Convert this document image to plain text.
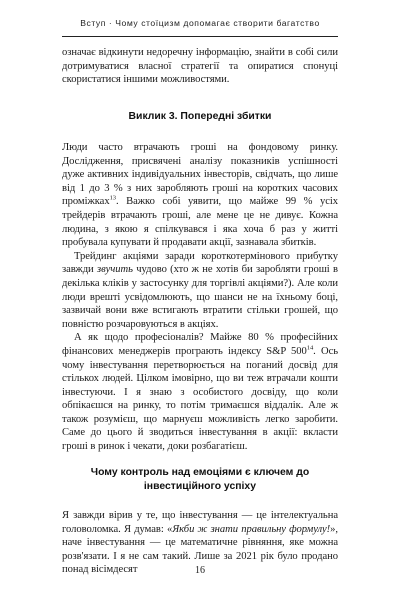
Вступ · Чому стоїцизм допомагає створити багатство

означає відкинути недоречну інформацію, знайти в собі сили дотримуватися власної стратегії та опиратися спонуці скористатися іншими можливостями.

Виклик 3. Попередні збитки

Люди часто втрачають гроші на фондовому ринку. Дослідження, присвячені аналізу показників успішності дуже активних індивідуальних інвесторів, свідчать, що лише від 1 до 3 % з них заробляють гроші на коротких часових проміжках$^{13}$. Важко собі уявити, що майже 99 % усіх трейдерів втрачають гроші, але мене це не дивує. Кожна людина, з якою я спілкувався і яка хоча б раз у житті пробувала купувати й продавати акції, зазнавала збитків.

Трейдинг акціями заради короткотермінового прибутку завжди звучить чудово (хто ж не хотів би заробляти гроші в декілька кліків у застосунку для торгівлі акціями?). Але коли люди врешті усвідомлюють, що шанси не на їхньому боці, зазвичай вони вже встигають втратити стільки грошей, що повністю розчаровуються в акціях.

А як щодо професіоналів? Майже 80 % професійних фінансових менеджерів програють індексу S&P $500^{14}$. Ось чому інвестування перетворюється на поганий досвід для стількох людей. Цілком імовірно, що ви теж втрачали кошти інвестуючи. І я знаю з особистого досвіду, що коли обпікаєшся на ринку, то потім тримаєшся віддалік. Але ж також розумієш, що марнуєш можливість легко заробити. Саме до цього й зводиться інвестування в акції: вкласти гроші в ринок і чекати, доки розбагатієш.

Чому контроль над емоціями є ключем до інвестиційного успіху

Я завжди вірив у те, що інвестування — це інтелектуальна головоломка. Я думав: «Якби ж знати правильну формулу!», наче інвестування — це математичне рівняння, яке можна розв'язати. І я не сам такий. Лише за 2021 рік було продано понад вісімдесят	16
